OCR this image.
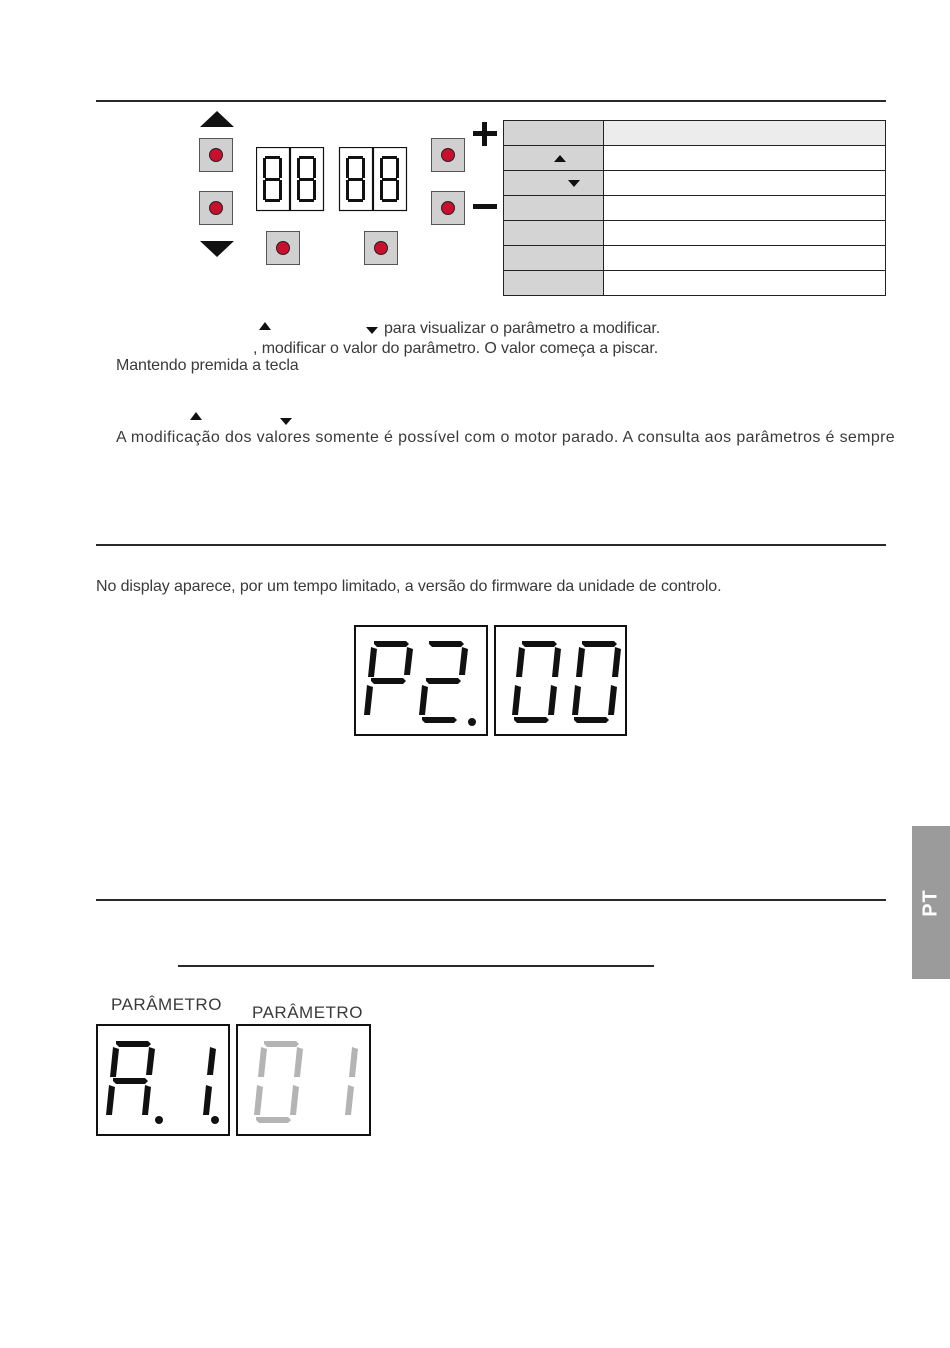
para visualizar o parâmetro a modificar.
, modificar o valor do parâmetro. O valor começa a piscar.
Mantendo premida a tecla
A modificação dos valores somente é possível com o motor parado. A consulta aos parâmetros é sempre
No display aparece, por um tempo limitado, a versão do firmware da unidade de controlo.
PARÂMETRO PARÂMETRO
PT
